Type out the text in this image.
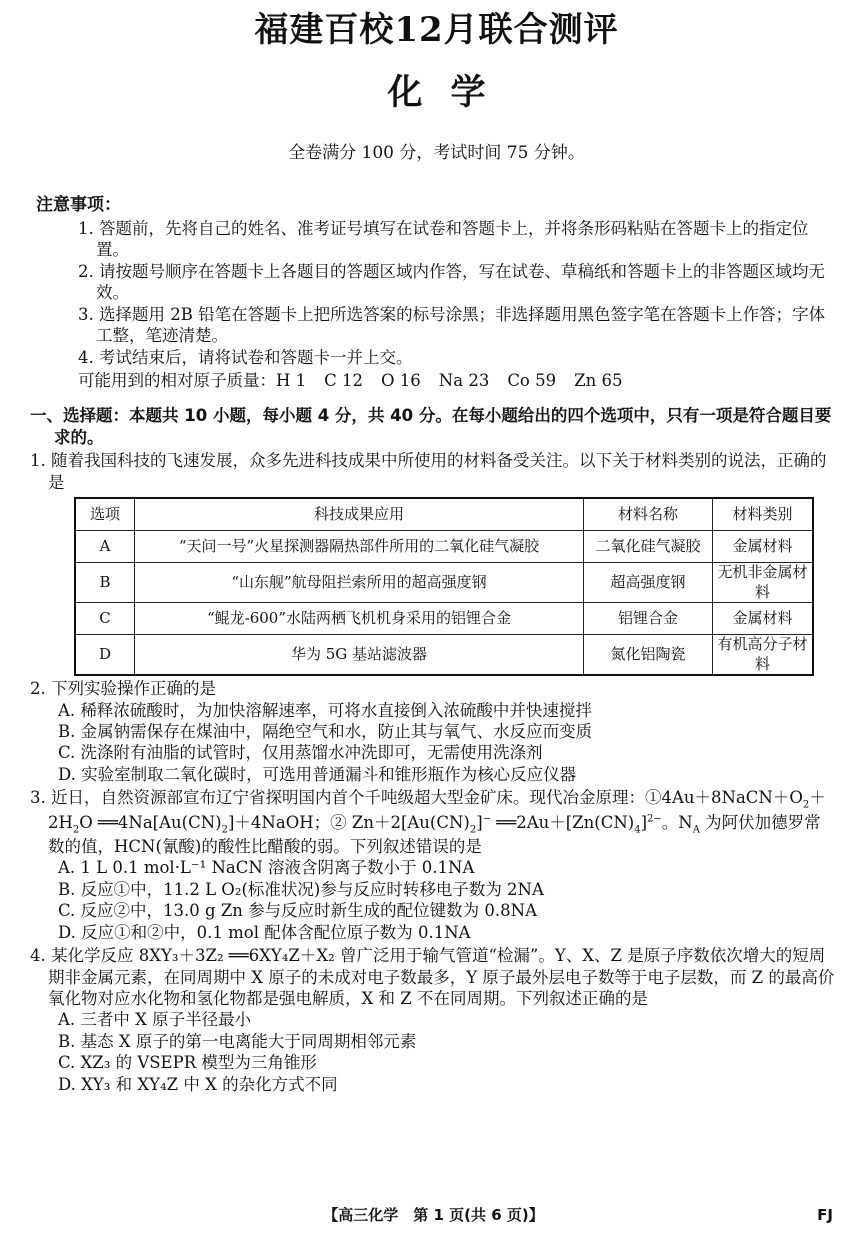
福建百校12月联合测评
化学
全卷满分 100 分，考试时间 75 分钟。
注意事项：

1. 答题前，先将自己的姓名、准考证号填写在试卷和答题卡上，并将条形码粘贴在答题卡上的指定位置。

2. 请按题号顺序在答题卡上各题目的答题区域内作答，写在试卷、草稿纸和答题卡上的非答题区域均无效。

3. 选择题用 2B 铅笔在答题卡上把所选答案的标号涂黑；非选择题用黑色签字笔在答题卡上作答；字体工整，笔迹清楚。

4. 考试结束后，请将试卷和答题卡一并上交。

可能用到的相对原子质量：H 1 C 12 O 16 Na 23 Co 59 Zn 65
一、选择题：本题共 10 小题，每小题 4 分，共 40 分。在每小题给出的四个选项中，只有一项是符合题目要求的。
1. 随着我国科技的飞速发展，众多先进科技成果中所使用的材料备受关注。以下关于材料类别的说法，正确的是
选项	科技成果应用	材料名称	材料类别
A	“天问一号”火星探测器隔热部件所用的二氧化硅气凝胶	二氧化硅气凝胶	金属材料
B	“山东舰”航母阻拦索所用的超高强度钢	超高强度钢	无机非金属材料
C	“鲲龙-600”水陆两栖飞机机身采用的铝锂合金	铝锂合金	金属材料
D	华为 5G 基站滤波器	氮化铝陶瓷	有机高分子材料
2. 下列实验操作正确的是

A. 稀释浓硫酸时，为加快溶解速率，可将水直接倒入浓硫酸中并快速搅拌

B. 金属钠需保存在煤油中，隔绝空气和水，防止其与氧气、水反应而变质

C. 洗涤附有油脂的试管时，仅用蒸馏水冲洗即可，无需使用洗涤剂

D. 实验室制取二氧化碳时，可选用普通漏斗和锥形瓶作为核心反应仪器

3. 近日，自然资源部宣布辽宁省探明国内首个千吨级超大型金矿床。现代冶金原理：$①4Au+8NaCN+O_2+2H_2O$ $══4Na[Au(CN)_2]+4NaOH$；② $Zn+2[Au(CN)_2]^-$ $══2Au+[Zn(CN)_4]^{2-}$。$N_A$ 为阿伏加德罗常数的值，HCN(氰酸)的酸性比醋酸的弱。下列叙述错误的是

A. 1 L 0.1 mol·L⁻¹ NaCN 溶液含阴离子数小于 0.1NA

B. 反应①中，11.2 L O₂(标准状况)参与反应时转移电子数为 2NA

C. 反应②中，13.0 g Zn 参与反应时新生成的配位键数为 0.8NA

D. 反应①和②中，0.1 mol 配体含配位原子数为 0.1NA

4. 某化学反应 8XY₃＋3Z₂ ══6XY₄Z＋X₂ 曾广泛用于输气管道“检漏”。Y、X、Z 是原子序数依次增大的短周期非金属元素，在同周期中 X 原子的未成对电子数最多，Y 原子最外层电子数等于电子层数，而 Z 的最高价氧化物对应水化物和氢化物都是强电解质，X 和 Z 不在同周期。下列叙述正确的是

A. 三者中 X 原子半径最小

B. 基态 X 原子的第一电离能大于同周期相邻元素

C. XZ₃ 的 VSEPR 模型为三角锥形

D. XY₃ 和 XY₄Z 中 X 的杂化方式不同

【高三化学　第 1 页(共 6 页)】	FJ
